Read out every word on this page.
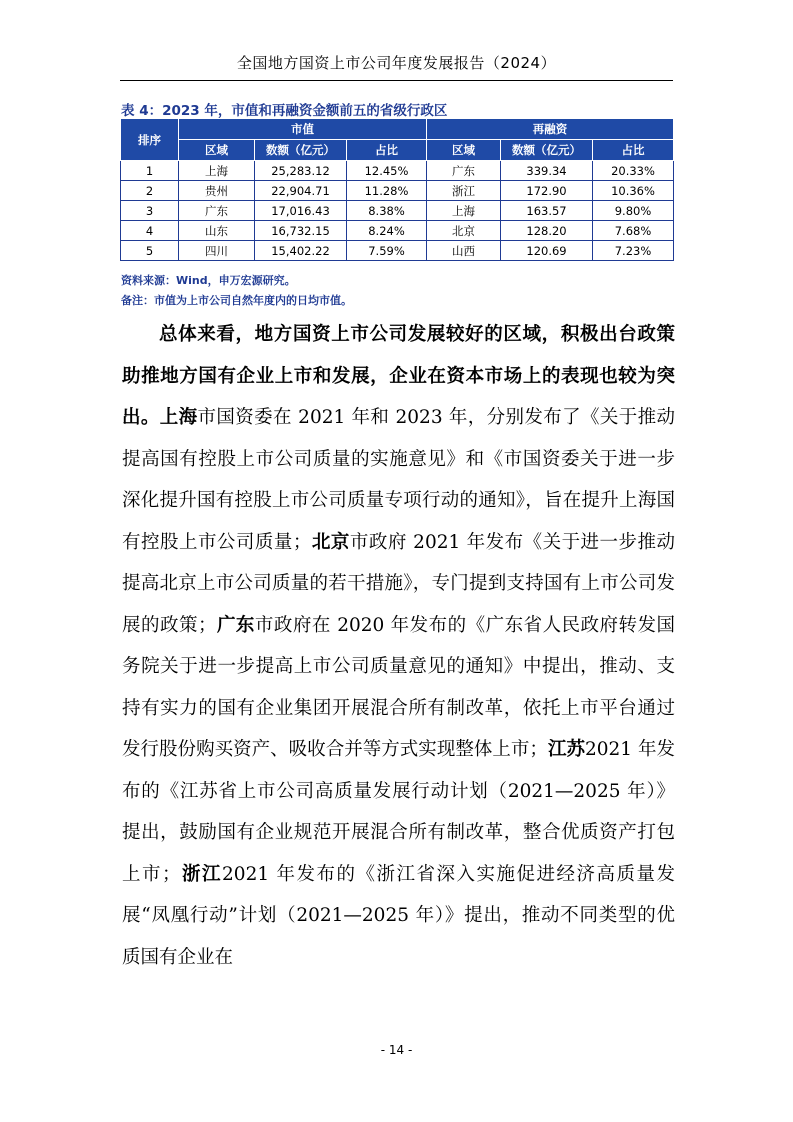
全国地方国资上市公司年度发展报告（2024）
表 4：2023 年，市值和再融资金额前五的省级行政区
排序	市值			再融资		
	区域	数额（亿元）	占比	区域	数额（亿元）	占比
1	上海	25,283.12	12.45%	广东	339.34	20.33%
2	贵州	22,904.71	11.28%	浙江	172.90	10.36%
3	广东	17,016.43	8.38%	上海	163.57	9.80%
4	山东	16,732.15	8.24%	北京	128.20	7.68%
5	四川	15,402.22	7.59%	山西	120.69	7.23%
资料来源：Wind，申万宏源研究。
备注：市值为上市公司自然年度内的日均市值。

总体来看，地方国资上市公司发展较好的区域，积极出台政策助推地方国有企业上市和发展，企业在资本市场上的表现也较为突出。上海市国资委在 2021 年和 2023 年，分别发布了《关于推动提高国有控股上市公司质量的实施意见》和《市国资委关于进一步深化提升国有控股上市公司质量专项行动的通知》，旨在提升上海国有控股上市公司质量；北京市政府 2021 年发布《关于进一步推动提高北京上市公司质量的若干措施》，专门提到支持国有上市公司发展的政策；广东市政府在 2020 年发布的《广东省人民政府转发国务院关于进一步提高上市公司质量意见的通知》中提出，推动、支持有实力的国有企业集团开展混合所有制改革，依托上市平台通过发行股份购买资产、吸收合并等方式实现整体上市；江苏2021 年发布的《江苏省上市公司高质量发展行动计划（2021—2025 年）》提出，鼓励国有企业规范开展混合所有制改革，整合优质资产打包上市；浙江2021 年发布的《浙江省深入实施促进经济高质量发展“凤凰行动”计划（2021—2025 年）》提出，推动不同类型的优质国有企业在

- 14 -
